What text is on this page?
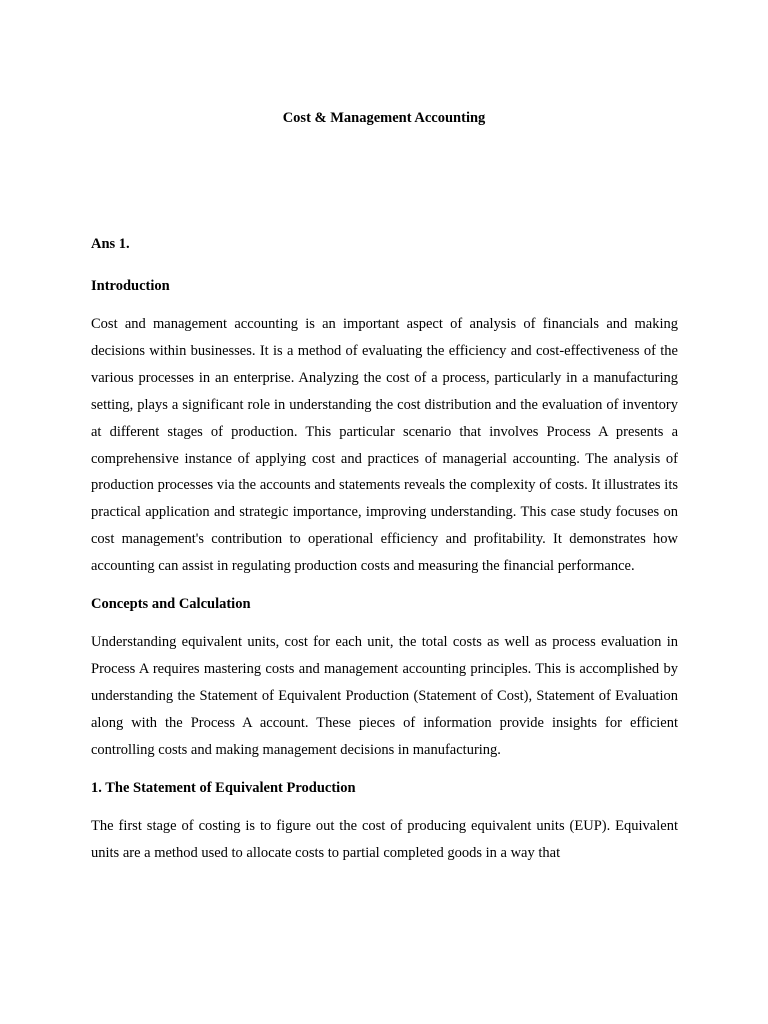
Cost & Management Accounting

Ans 1.

Introduction

Cost and management accounting is an important aspect of analysis of financials and making decisions within businesses. It is a method of evaluating the efficiency and cost-effectiveness of the various processes in an enterprise. Analyzing the cost of a process, particularly in a manufacturing setting, plays a significant role in understanding the cost distribution and the evaluation of inventory at different stages of production. This particular scenario that involves Process A presents a comprehensive instance of applying cost and practices of managerial accounting. The analysis of production processes via the accounts and statements reveals the complexity of costs. It illustrates its practical application and strategic importance, improving understanding. This case study focuses on cost management's contribution to operational efficiency and profitability. It demonstrates how accounting can assist in regulating production costs and measuring the financial performance.

Concepts and Calculation

Understanding equivalent units, cost for each unit, the total costs as well as process evaluation in Process A requires mastering costs and management accounting principles. This is accomplished by understanding the Statement of Equivalent Production (Statement of Cost), Statement of Evaluation along with the Process A account. These pieces of information provide insights for efficient controlling costs and making management decisions in manufacturing.

1. The Statement of Equivalent Production

The first stage of costing is to figure out the cost of producing equivalent units (EUP). Equivalent units are a method used to allocate costs to partial completed goods in a way that
